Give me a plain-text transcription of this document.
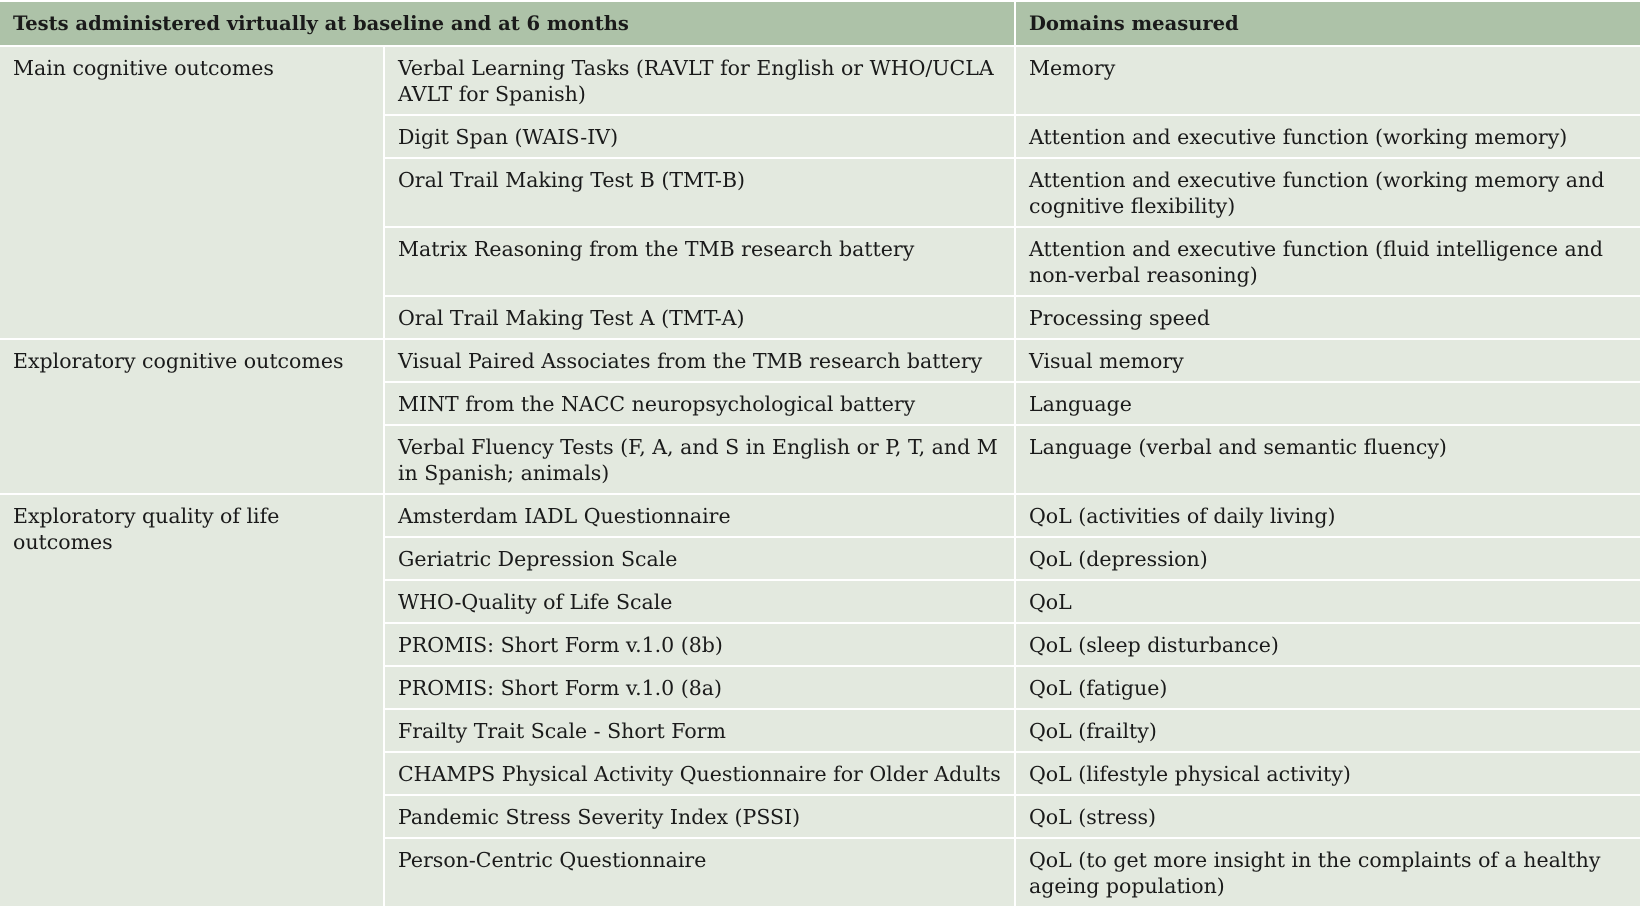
Tests administered virtually at baseline and at 6 months		Domains measured
Main cognitive outcomes	Verbal Learning Tasks (RAVLT for English or WHO/UCLA AVLT for Spanish)	Memory
	Digit Span (WAIS-IV)	Attention and executive function (working memory)
	Oral Trail Making Test B (TMT-B)	Attention and executive function (working memory and cognitive flexibility)
	Matrix Reasoning from the TMB research battery	Attention and executive function (fluid intelligence and non-verbal reasoning)
	Oral Trail Making Test A (TMT-A)	Processing speed
Exploratory cognitive outcomes	Visual Paired Associates from the TMB research battery	Visual memory
	MINT from the NACC neuropsychological battery	Language
	Verbal Fluency Tests (F, A, and S in English or P, T, and M in Spanish; animals)	Language (verbal and semantic fluency)
Exploratory quality of life outcomes	Amsterdam IADL Questionnaire	QoL (activities of daily living)
	Geriatric Depression Scale	QoL (depression)
	WHO-Quality of Life Scale	QoL
	PROMIS: Short Form v.1.0 (8b)	QoL (sleep disturbance)
	PROMIS: Short Form v.1.0 (8a)	QoL (fatigue)
	Frailty Trait Scale - Short Form	QoL (frailty)
	CHAMPS Physical Activity Questionnaire for Older Adults	QoL (lifestyle physical activity)
	Pandemic Stress Severity Index (PSSI)	QoL (stress)
	Person-Centric Questionnaire	QoL (to get more insight in the complaints of a healthy ageing population)
